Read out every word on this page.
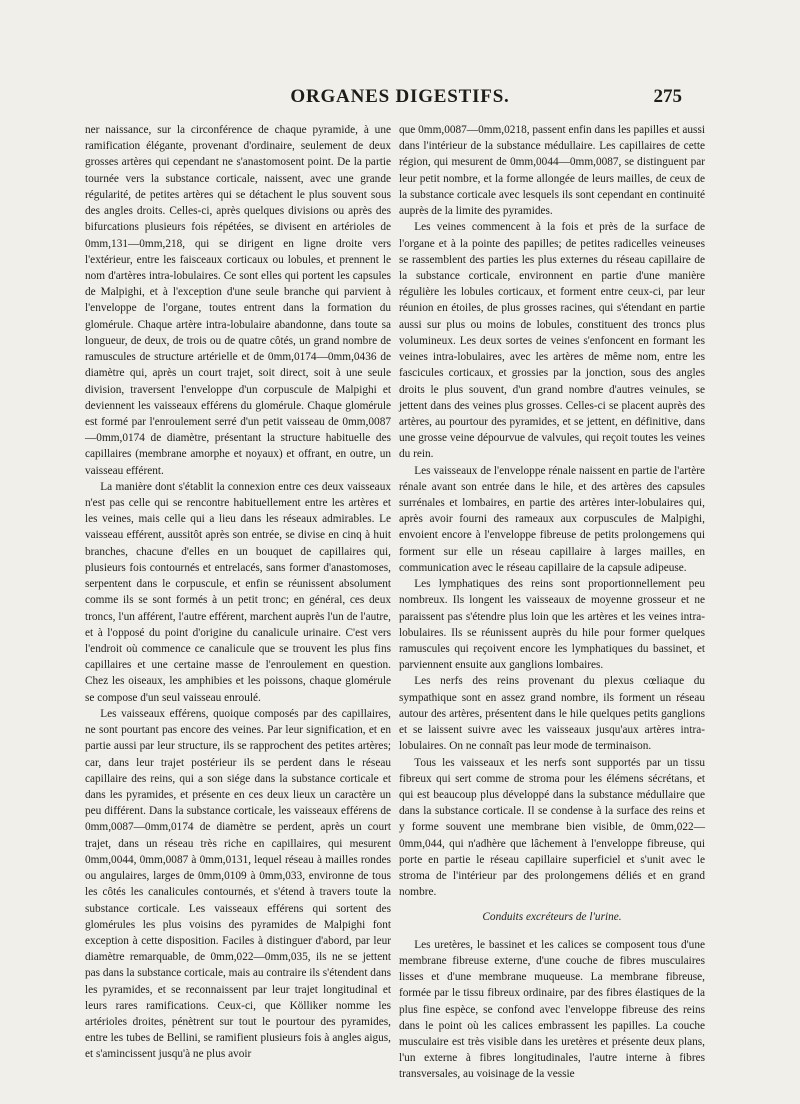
ORGANES DIGESTIFS.	275

ner naissance, sur la circonférence de chaque pyramide, à une ramification élégante, provenant d'ordinaire, seulement de deux grosses artères qui cependant ne s'anastomosent point. De la partie tournée vers la substance corticale, naissent, avec une grande régularité, de petites artères qui se détachent le plus souvent sous des angles droits. Celles-ci, après quelques divisions ou après des bifurcations plusieurs fois répétées, se divisent en artérioles de 0mm,131—0mm,218, qui se dirigent en ligne droite vers l'extérieur, entre les faisceaux corticaux ou lobules, et prennent le nom d'artères intra-lobulaires. Ce sont elles qui portent les capsules de Malpighi, et à l'exception d'une seule branche qui parvient à l'enveloppe de l'organe, toutes entrent dans la formation du glomérule. Chaque artère intra-lobulaire abandonne, dans toute sa longueur, de deux, de trois ou de quatre côtés, un grand nombre de ramuscules de structure artérielle et de 0mm,0174—0mm,0436 de diamètre qui, après un court trajet, soit direct, soit à une seule division, traversent l'enveloppe d'un corpuscule de Malpighi et deviennent les vaisseaux efférens du glomérule. Chaque glomérule est formé par l'enroulement serré d'un petit vaisseau de 0mm,0087—0mm,0174 de diamètre, présentant la structure habituelle des capillaires (membrane amorphe et noyaux) et offrant, en outre, un vaisseau efférent.

La manière dont s'établit la connexion entre ces deux vaisseaux n'est pas celle qui se rencontre habituellement entre les artères et les veines, mais celle qui a lieu dans les réseaux admirables. Le vaisseau efférent, aussitôt après son entrée, se divise en cinq à huit branches, chacune d'elles en un bouquet de capillaires qui, plusieurs fois contournés et entrelacés, sans former d'anastomoses, serpentent dans le corpuscule, et enfin se réunissent absolument comme ils se sont formés à un petit tronc; en général, ces deux troncs, l'un afférent, l'autre efférent, marchent auprès l'un de l'autre, et à l'opposé du point d'origine du canalicule urinaire. C'est vers l'endroit où commence ce canalicule que se trouvent les plus fins capillaires et une certaine masse de l'enroulement en question. Chez les oiseaux, les amphibies et les poissons, chaque glomérule se compose d'un seul vaisseau enroulé.

Les vaisseaux efférens, quoique composés par des capillaires, ne sont pourtant pas encore des veines. Par leur signification, et en partie aussi par leur structure, ils se rapprochent des petites artères; car, dans leur trajet postérieur ils se perdent dans le réseau capillaire des reins, qui a son siége dans la substance corticale et dans les pyramides, et présente en ces deux lieux un caractère un peu différent. Dans la substance corticale, les vaisseaux efférens de 0mm,0087—0mm,0174 de diamètre se perdent, après un court trajet, dans un réseau très riche en capillaires, qui mesurent 0mm,0044, 0mm,0087 à 0mm,0131, lequel réseau à mailles rondes ou angulaires, larges de 0mm,0109 à 0mm,033, environne de tous les côtés les canalicules contournés, et s'étend à travers toute la substance corticale. Les vaisseaux efférens qui sortent des glomérules les plus voisins des pyramides de Malpighi font exception à cette disposition. Faciles à distinguer d'abord, par leur diamètre remarquable, de 0mm,022—0mm,035, ils ne se jettent pas dans la substance corticale, mais au contraire ils s'étendent dans les pyramides, et se reconnaissent par leur trajet longitudinal et leurs rares ramifications. Ceux-ci, que Kölliker nomme les artérioles droites, pénètrent sur tout le pourtour des pyramides, entre les tubes de Bellini, se ramifient plusieurs fois à angles aigus, et s'amincissent jusqu'à ne plus avoir

que 0mm,0087—0mm,0218, passent enfin dans les papilles et aussi dans l'intérieur de la substance médullaire. Les capillaires de cette région, qui mesurent de 0mm,0044—0mm,0087, se distinguent par leur petit nombre, et la forme allongée de leurs mailles, de ceux de la substance corticale avec lesquels ils sont cependant en continuité auprès de la limite des pyramides.

Les veines commencent à la fois et près de la surface de l'organe et à la pointe des papilles; de petites radicelles veineuses se rassemblent des parties les plus externes du réseau capillaire de la substance corticale, environnent en partie d'une manière régulière les lobules corticaux, et forment entre ceux-ci, par leur réunion en étoiles, de plus grosses racines, qui s'étendant en partie aussi sur plus ou moins de lobules, constituent des troncs plus volumineux. Les deux sortes de veines s'enfoncent en formant les veines intra-lobulaires, avec les artères de même nom, entre les fascicules corticaux, et grossies par la jonction, sous des angles droits le plus souvent, d'un grand nombre d'autres veinules, se jettent dans des veines plus grosses. Celles-ci se placent auprès des artères, au pourtour des pyramides, et se jettent, en définitive, dans une grosse veine dépourvue de valvules, qui reçoit toutes les veines du rein.

Les vaisseaux de l'enveloppe rénale naissent en partie de l'artère rénale avant son entrée dans le hile, et des artères des capsules surrénales et lombaires, en partie des artères inter-lobulaires qui, après avoir fourni des rameaux aux corpuscules de Malpighi, envoient encore à l'enveloppe fibreuse de petits prolongemens qui forment sur elle un réseau capillaire à larges mailles, en communication avec le réseau capillaire de la capsule adipeuse.

Les lymphatiques des reins sont proportionnellement peu nombreux. Ils longent les vaisseaux de moyenne grosseur et ne paraissent pas s'étendre plus loin que les artères et les veines intra-lobulaires. Ils se réunissent auprès du hile pour former quelques ramuscules qui reçoivent encore les lymphatiques du bassinet, et parviennent ensuite aux ganglions lombaires.

Les nerfs des reins provenant du plexus cœliaque du sympathique sont en assez grand nombre, ils forment un réseau autour des artères, présentent dans le hile quelques petits ganglions et se laissent suivre avec les vaisseaux jusqu'aux artères intra-lobulaires. On ne connaît pas leur mode de terminaison.

Tous les vaisseaux et les nerfs sont supportés par un tissu fibreux qui sert comme de stroma pour les élémens sécrétans, et qui est beaucoup plus développé dans la substance médullaire que dans la substance corticale. Il se condense à la surface des reins et y forme souvent une membrane bien visible, de 0mm,022—0mm,044, qui n'adhère que lâchement à l'enveloppe fibreuse, qui porte en partie le réseau capillaire superficiel et s'unit avec le stroma de l'intérieur par des prolongemens déliés et en grand nombre.

Conduits excréteurs de l'urine.

Les uretères, le bassinet et les calices se composent tous d'une membrane fibreuse externe, d'une couche de fibres musculaires lisses et d'une membrane muqueuse. La membrane fibreuse, formée par le tissu fibreux ordinaire, par des fibres élastiques de la plus fine espèce, se confond avec l'enveloppe fibreuse des reins dans le point où les calices embrassent les papilles. La couche musculaire est très visible dans les uretères et présente deux plans, l'un externe à fibres longitudinales, l'autre interne à fibres transversales, au voisinage de la vessie
